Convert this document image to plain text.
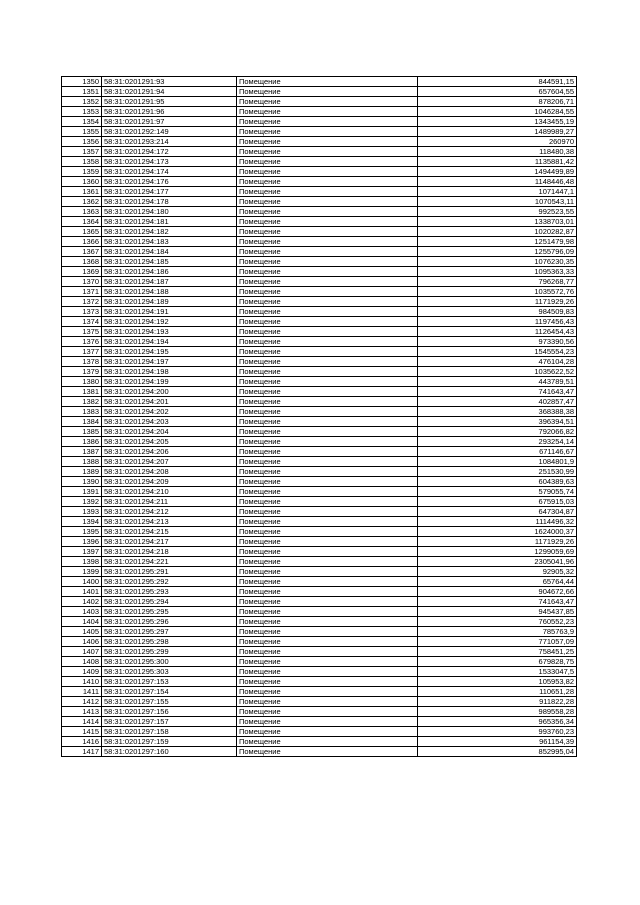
1350	58:31:0201291:93	Помещение	844591,15
1351	58:31:0201291:94	Помещение	657604,55
1352	58:31:0201291:95	Помещение	878206,71
1353	58:31:0201291:96	Помещение	1046284,55
1354	58:31:0201291:97	Помещение	1343455,19
1355	58:31:0201292:149	Помещение	1489989,27
1356	58:31:0201293:214	Помещение	260970
1357	58:31:0201294:172	Помещение	118480,38
1358	58:31:0201294:173	Помещение	1135881,42
1359	58:31:0201294:174	Помещение	1494499,89
1360	58:31:0201294:176	Помещение	1148446,48
1361	58:31:0201294:177	Помещение	1071447,1
1362	58:31:0201294:178	Помещение	1070543,11
1363	58:31:0201294:180	Помещение	992523,55
1364	58:31:0201294:181	Помещение	1338703,01
1365	58:31:0201294:182	Помещение	1020282,87
1366	58:31:0201294:183	Помещение	1251479,98
1367	58:31:0201294:184	Помещение	1255796,09
1368	58:31:0201294:185	Помещение	1076230,35
1369	58:31:0201294:186	Помещение	1095363,33
1370	58:31:0201294:187	Помещение	796268,77
1371	58:31:0201294:188	Помещение	1035572,76
1372	58:31:0201294:189	Помещение	1171929,26
1373	58:31:0201294:191	Помещение	984509,83
1374	58:31:0201294:192	Помещение	1197456,43
1375	58:31:0201294:193	Помещение	1126454,43
1376	58:31:0201294:194	Помещение	973390,56
1377	58:31:0201294:195	Помещение	1545554,23
1378	58:31:0201294:197	Помещение	476104,28
1379	58:31:0201294:198	Помещение	1035622,52
1380	58:31:0201294:199	Помещение	443789,51
1381	58:31:0201294:200	Помещение	741643,47
1382	58:31:0201294:201	Помещение	402857,47
1383	58:31:0201294:202	Помещение	368388,38
1384	58:31:0201294:203	Помещение	396394,51
1385	58:31:0201294:204	Помещение	792066,82
1386	58:31:0201294:205	Помещение	293254,14
1387	58:31:0201294:206	Помещение	671146,67
1388	58:31:0201294:207	Помещение	1084801,9
1389	58:31:0201294:208	Помещение	251530,99
1390	58:31:0201294:209	Помещение	604389,63
1391	58:31:0201294:210	Помещение	579055,74
1392	58:31:0201294:211	Помещение	675915,03
1393	58:31:0201294:212	Помещение	647304,87
1394	58:31:0201294:213	Помещение	1114496,32
1395	58:31:0201294:215	Помещение	1624000,37
1396	58:31:0201294:217	Помещение	1171929,26
1397	58:31:0201294:218	Помещение	1299059,69
1398	58:31:0201294:221	Помещение	2305041,96
1399	58:31:0201295:291	Помещение	92905,32
1400	58:31:0201295:292	Помещение	65764,44
1401	58:31:0201295:293	Помещение	904672,66
1402	58:31:0201295:294	Помещение	741643,47
1403	58:31:0201295:295	Помещение	945437,85
1404	58:31:0201295:296	Помещение	760552,23
1405	58:31:0201295:297	Помещение	785763,9
1406	58:31:0201295:298	Помещение	771057,09
1407	58:31:0201295:299	Помещение	758451,25
1408	58:31:0201295:300	Помещение	679828,75
1409	58:31:0201295:303	Помещение	1533047,5
1410	58:31:0201297:153	Помещение	105953,82
1411	58:31:0201297:154	Помещение	110651,28
1412	58:31:0201297:155	Помещение	911822,28
1413	58:31:0201297:156	Помещение	989558,28
1414	58:31:0201297:157	Помещение	965356,34
1415	58:31:0201297:158	Помещение	993760,23
1416	58:31:0201297:159	Помещение	961154,39
1417	58:31:0201297:160	Помещение	852995,04
